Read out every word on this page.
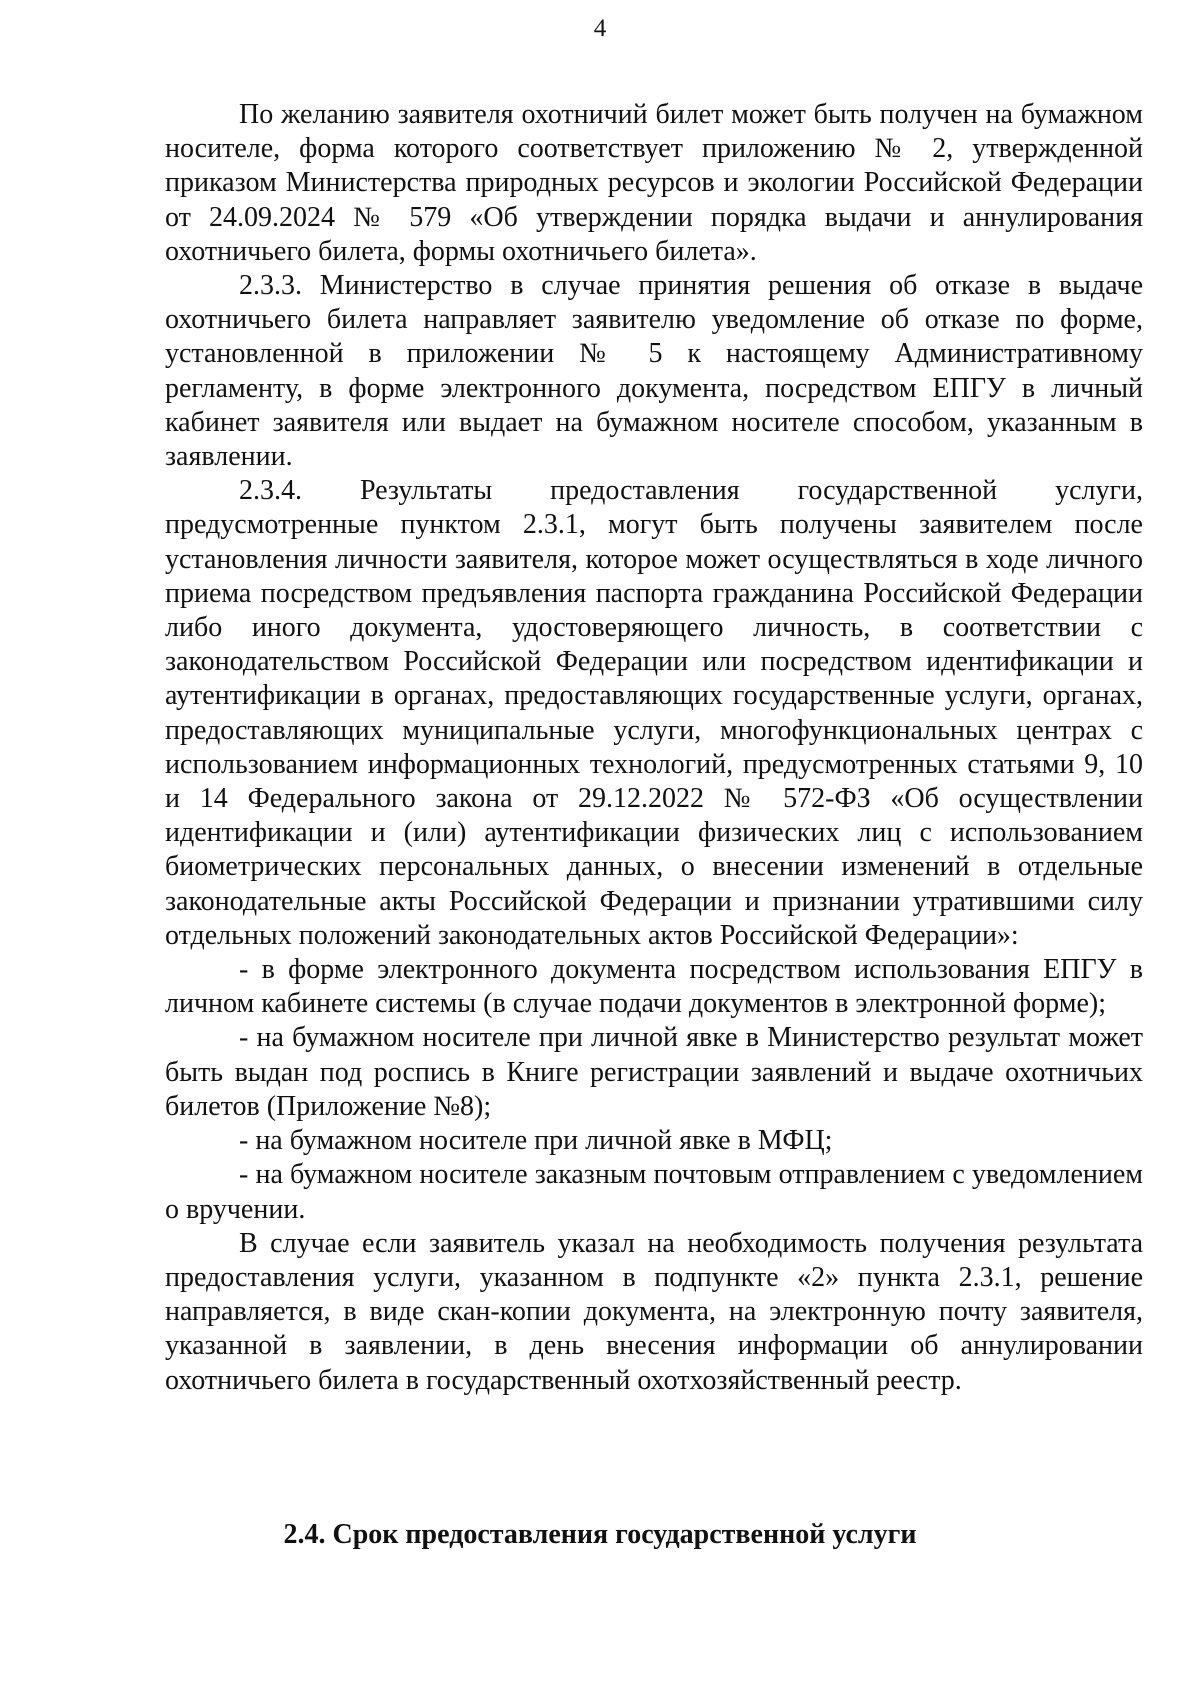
4

По желанию заявителя охотничий билет может быть получен на бумажном носителе, форма которого соответствует приложению № 2, утвержденной приказом Министерства природных ресурсов и экологии Российской Федерации от 24.09.2024 № 579 «Об утверждении порядка выдачи и аннулирования охотничьего билета, формы охотничьего билета».

2.3.3. Министерство в случае принятия решения об отказе в выдаче охотничьего билета направляет заявителю уведомление об отказе по форме, установленной в приложении № 5 к настоящему Административному регламенту, в форме электронного документа, посредством ЕПГУ в личный кабинет заявителя или выдает на бумажном носителе способом, указанным в заявлении.

2.3.4. Результаты предоставления государственной услуги, предусмотренные пунктом 2.3.1, могут быть получены заявителем после установления личности заявителя, которое может осуществляться в ходе личного приема посредством предъявления паспорта гражданина Российской Федерации либо иного документа, удостоверяющего личность, в соответствии с законодательством Российской Федерации или посредством идентификации и аутентификации в органах, предоставляющих государственные услуги, органах, предоставляющих муниципальные услуги, многофункциональных центрах с использованием информационных технологий, предусмотренных статьями 9, 10 и 14 Федерального закона от 29.12.2022 № 572-ФЗ «Об осуществлении идентификации и (или) аутентификации физических лиц с использованием биометрических персональных данных, о внесении изменений в отдельные законодательные акты Российской Федерации и признании утратившими силу отдельных положений законодательных актов Российской Федерации»:

- в форме электронного документа посредством использования ЕПГУ в личном кабинете системы (в случае подачи документов в электронной форме);

- на бумажном носителе при личной явке в Министерство результат может быть выдан под роспись в Книге регистрации заявлений и выдаче охотничьих билетов (Приложение №8);

- на бумажном носителе при личной явке в МФЦ;

- на бумажном носителе заказным почтовым отправлением с уведомлением о вручении.

В случае если заявитель указал на необходимость получения результата предоставления услуги, указанном в подпункте «2» пункта 2.3.1, решение направляется, в виде скан-копии документа, на электронную почту заявителя, указанной в заявлении, в день внесения информации об аннулировании охотничьего билета в государственный охотхозяйственный реестр.

2.4. Срок предоставления государственной услуги
